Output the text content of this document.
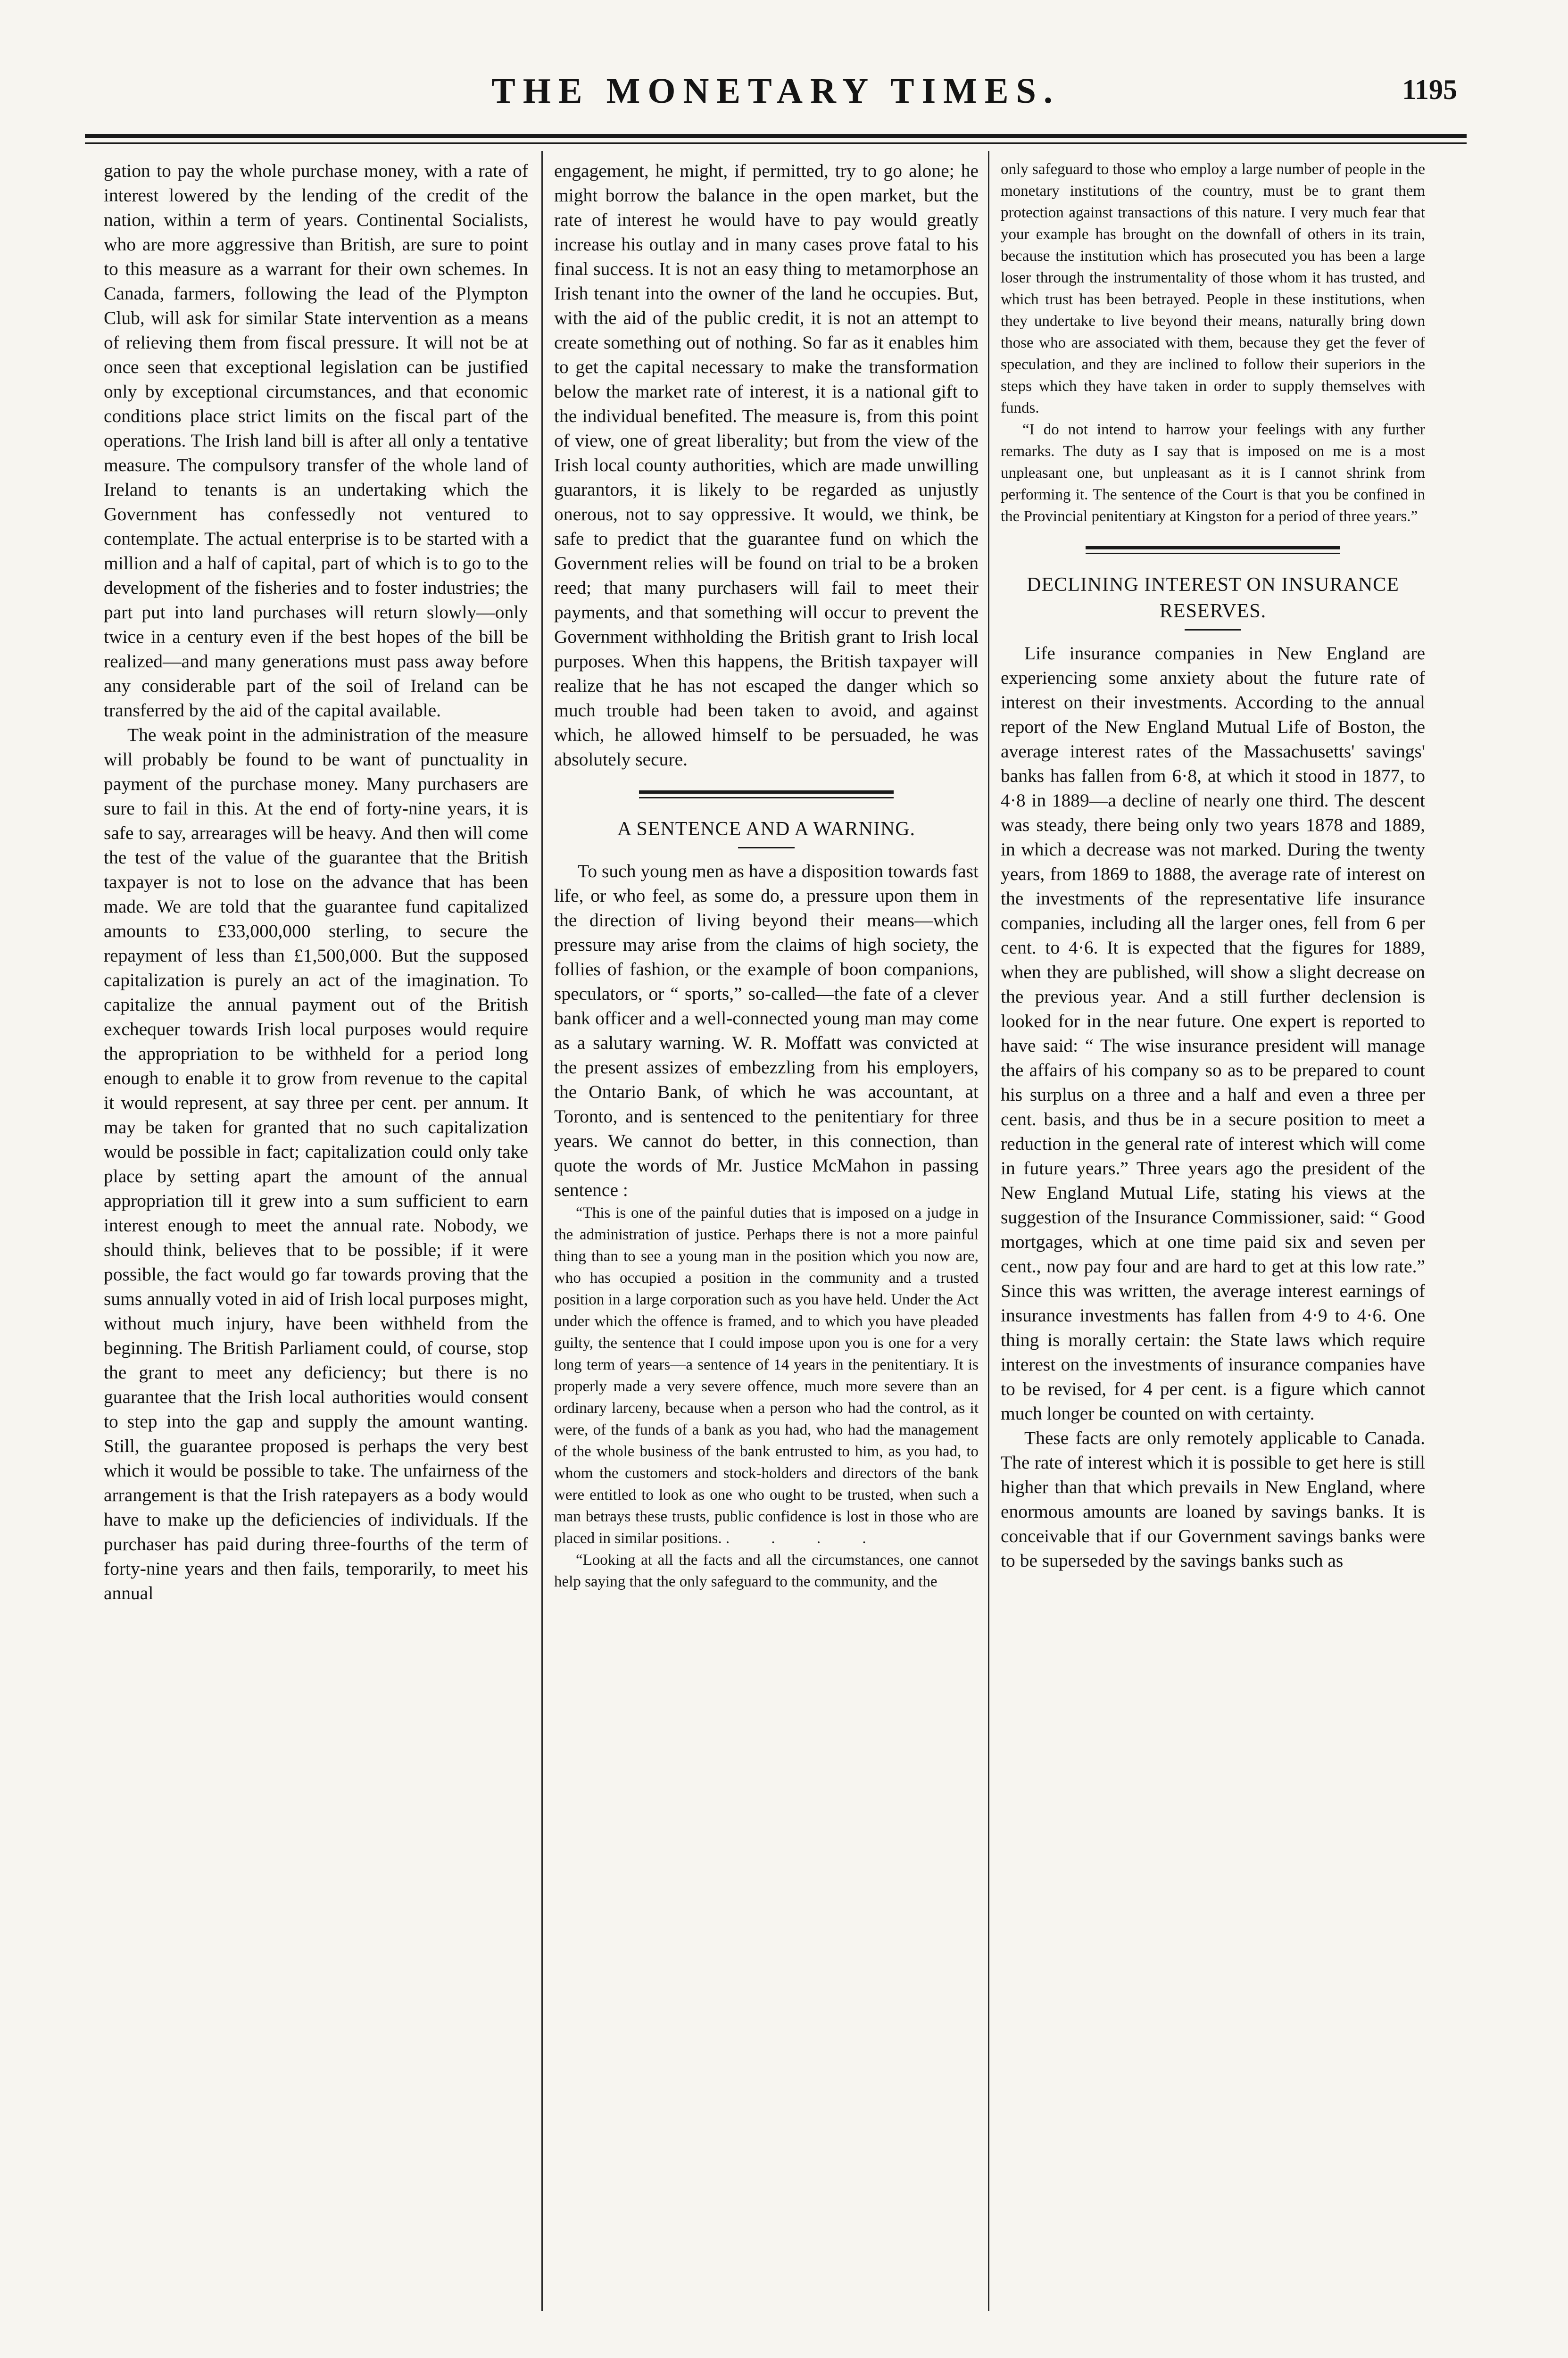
THE MONETARY TIMES.	1195

gation to pay the whole purchase money, with a rate of interest lowered by the lending of the credit of the nation, within a term of years. Continental Socialists, who are more aggressive than British, are sure to point to this measure as a warrant for their own schemes. In Canada, farmers, following the lead of the Plympton Club, will ask for similar State intervention as a means of relieving them from fiscal pressure. It will not be at once seen that exceptional legislation can be justified only by exceptional circumstances, and that economic conditions place strict limits on the fiscal part of the operations. The Irish land bill is after all only a tentative measure. The compulsory transfer of the whole land of Ireland to tenants is an undertaking which the Government has confessedly not ventured to contemplate. The actual enterprise is to be started with a million and a half of capital, part of which is to go to the development of the fisheries and to foster industries; the part put into land purchases will return slowly—only twice in a century even if the best hopes of the bill be realized—and many generations must pass away before any considerable part of the soil of Ireland can be transferred by the aid of the capital available.

The weak point in the administration of the measure will probably be found to be want of punctuality in payment of the purchase money. Many purchasers are sure to fail in this. At the end of forty-nine years, it is safe to say, arrearages will be heavy. And then will come the test of the value of the guarantee that the British taxpayer is not to lose on the advance that has been made. We are told that the guarantee fund capitalized amounts to £33,000,000 sterling, to secure the repayment of less than £1,500,000. But the supposed capitalization is purely an act of the imagination. To capitalize the annual payment out of the British exchequer towards Irish local purposes would require the appropriation to be withheld for a period long enough to enable it to grow from revenue to the capital it would represent, at say three per cent. per annum. It may be taken for granted that no such capitalization would be possible in fact; capitalization could only take place by setting apart the amount of the annual appropriation till it grew into a sum sufficient to earn interest enough to meet the annual rate. Nobody, we should think, believes that to be possible; if it were possible, the fact would go far towards proving that the sums annually voted in aid of Irish local purposes might, without much injury, have been withheld from the beginning. The British Parliament could, of course, stop the grant to meet any deficiency; but there is no guarantee that the Irish local authorities would consent to step into the gap and supply the amount wanting. Still, the guarantee proposed is perhaps the very best which it would be possible to take. The unfairness of the arrangement is that the Irish ratepayers as a body would have to make up the deficiencies of individuals. If the purchaser has paid during three-fourths of the term of forty-nine years and then fails, temporarily, to meet his annual

engagement, he might, if permitted, try to go alone; he might borrow the balance in the open market, but the rate of interest he would have to pay would greatly increase his outlay and in many cases prove fatal to his final success. It is not an easy thing to metamorphose an Irish tenant into the owner of the land he occupies. But, with the aid of the public credit, it is not an attempt to create something out of nothing. So far as it enables him to get the capital necessary to make the transformation below the market rate of interest, it is a national gift to the individual benefited. The measure is, from this point of view, one of great liberality; but from the view of the Irish local county authorities, which are made unwilling guarantors, it is likely to be regarded as unjustly onerous, not to say oppressive. It would, we think, be safe to predict that the guarantee fund on which the Government relies will be found on trial to be a broken reed; that many purchasers will fail to meet their payments, and that something will occur to prevent the Government withholding the British grant to Irish local purposes. When this happens, the British taxpayer will realize that he has not escaped the danger which so much trouble had been taken to avoid, and against which, he allowed himself to be persuaded, he was absolutely secure.

A SENTENCE AND A WARNING.

To such young men as have a disposition towards fast life, or who feel, as some do, a pressure upon them in the direction of living beyond their means—which pressure may arise from the claims of high society, the follies of fashion, or the example of boon companions, speculators, or “ sports,” so-called—the fate of a clever bank officer and a well-connected young man may come as a salutary warning. W. R. Moffatt was convicted at the present assizes of embezzling from his employers, the Ontario Bank, of which he was accountant, at Toronto, and is sentenced to the penitentiary for three years. We cannot do better, in this connection, than quote the words of Mr. Justice McMahon in passing sentence :

“This is one of the painful duties that is imposed on a judge in the administration of justice. Perhaps there is not a more painful thing than to see a young man in the position which you now are, who has occupied a position in the community and a trusted position in a large corporation such as you have held. Under the Act under which the offence is framed, and to which you have pleaded guilty, the sentence that I could impose upon you is one for a very long term of years—a sentence of 14 years in the penitentiary. It is properly made a very severe offence, much more severe than an ordinary larceny, because when a person who had the control, as it were, of the funds of a bank as you had, who had the management of the whole business of the bank entrusted to him, as you had, to whom the customers and stock-holders and directors of the bank were entitled to look as one who ought to be trusted, when such a man betrays these trusts, public confidence is lost in those who are placed in similar positions. . . . .

“Looking at all the facts and all the circumstances, one cannot help saying that the only safeguard to the community, and the

only safeguard to those who employ a large number of people in the monetary institutions of the country, must be to grant them protection against transactions of this nature. I very much fear that your example has brought on the downfall of others in its train, because the institution which has prosecuted you has been a large loser through the instrumentality of those whom it has trusted, and which trust has been betrayed. People in these institutions, when they undertake to live beyond their means, naturally bring down those who are associated with them, because they get the fever of speculation, and they are inclined to follow their superiors in the steps which they have taken in order to supply themselves with funds.

“I do not intend to harrow your feelings with any further remarks. The duty as I say that is imposed on me is a most unpleasant one, but unpleasant as it is I cannot shrink from performing it. The sentence of the Court is that you be confined in the Provincial penitentiary at Kingston for a period of three years.”

DECLINING INTEREST ON INSURANCE RESERVES.

Life insurance companies in New England are experiencing some anxiety about the future rate of interest on their investments. According to the annual report of the New England Mutual Life of Boston, the average interest rates of the Massachusetts' savings' banks has fallen from 6·8, at which it stood in 1877, to 4·8 in 1889—a decline of nearly one third. The descent was steady, there being only two years 1878 and 1889, in which a decrease was not marked. During the twenty years, from 1869 to 1888, the average rate of interest on the investments of the representative life insurance companies, including all the larger ones, fell from 6 per cent. to 4·6. It is expected that the figures for 1889, when they are published, will show a slight decrease on the previous year. And a still further declension is looked for in the near future. One expert is reported to have said: “ The wise insurance president will manage the affairs of his company so as to be prepared to count his surplus on a three and a half and even a three per cent. basis, and thus be in a secure position to meet a reduction in the general rate of interest which will come in future years.” Three years ago the president of the New England Mutual Life, stating his views at the suggestion of the Insurance Commissioner, said: “ Good mortgages, which at one time paid six and seven per cent., now pay four and are hard to get at this low rate.” Since this was written, the average interest earnings of insurance investments has fallen from 4·9 to 4·6. One thing is morally certain: the State laws which require interest on the investments of insurance companies have to be revised, for 4 per cent. is a figure which cannot much longer be counted on with certainty.

These facts are only remotely applicable to Canada. The rate of interest which it is possible to get here is still higher than that which prevails in New England, where enormous amounts are loaned by savings banks. It is conceivable that if our Government savings banks were to be superseded by the savings banks such as
